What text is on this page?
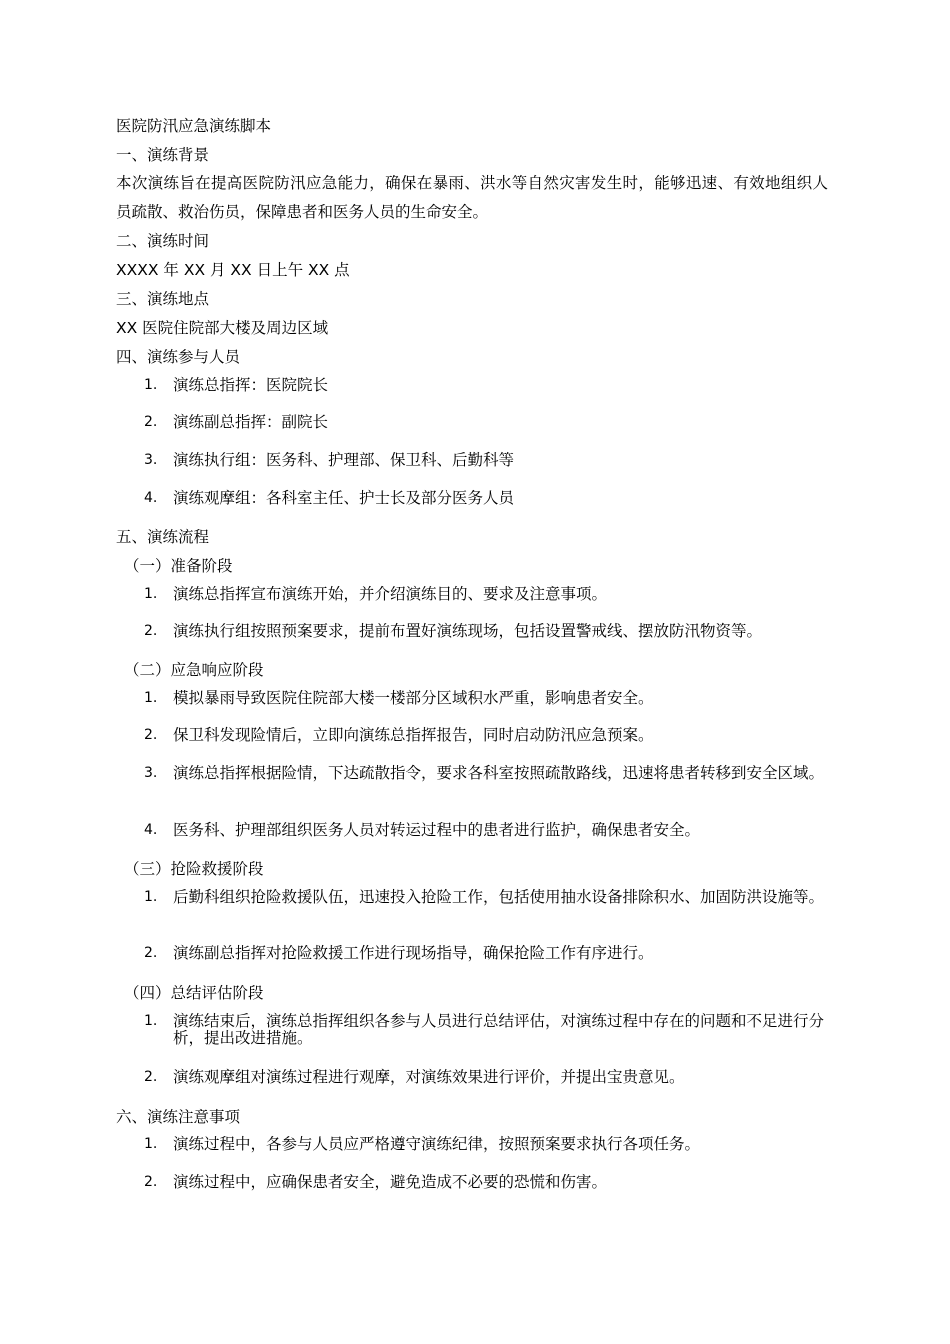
医院防汛应急演练脚本
一、演练背景
本次演练旨在提高医院防汛应急能力，确保在暴雨、洪水等自然灾害发生时，能够迅速、有效地组织人员疏散、救治伤员，保障患者和医务人员的生命安全。
二、演练时间
XXXX 年 XX 月 XX 日上午 XX 点
三、演练地点
XX 医院住院部大楼及周边区域
四、演练参与人员
1. 演练总指挥：医院院长
2. 演练副总指挥：副院长
3. 演练执行组：医务科、护理部、保卫科、后勤科等
4. 演练观摩组：各科室主任、护士长及部分医务人员
五、演练流程
（一）准备阶段
1. 演练总指挥宣布演练开始，并介绍演练目的、要求及注意事项。
2. 演练执行组按照预案要求，提前布置好演练现场，包括设置警戒线、摆放防汛物资等。
（二）应急响应阶段
1. 模拟暴雨导致医院住院部大楼一楼部分区域积水严重，影响患者安全。
2. 保卫科发现险情后，立即向演练总指挥报告，同时启动防汛应急预案。
3. 演练总指挥根据险情，下达疏散指令，要求各科室按照疏散路线，迅速将患者转移到安全区域。
4. 医务科、护理部组织医务人员对转运过程中的患者进行监护，确保患者安全。
（三）抢险救援阶段
1. 后勤科组织抢险救援队伍，迅速投入抢险工作，包括使用抽水设备排除积水、加固防洪设施等。
2. 演练副总指挥对抢险救援工作进行现场指导，确保抢险工作有序进行。
（四）总结评估阶段
1. 演练结束后，演练总指挥组织各参与人员进行总结评估，对演练过程中存在的问题和不足进行分析，提出改进措施。
2. 演练观摩组对演练过程进行观摩，对演练效果进行评价，并提出宝贵意见。
六、演练注意事项
1. 演练过程中，各参与人员应严格遵守演练纪律，按照预案要求执行各项任务。
2. 演练过程中，应确保患者安全，避免造成不必要的恐慌和伤害。
